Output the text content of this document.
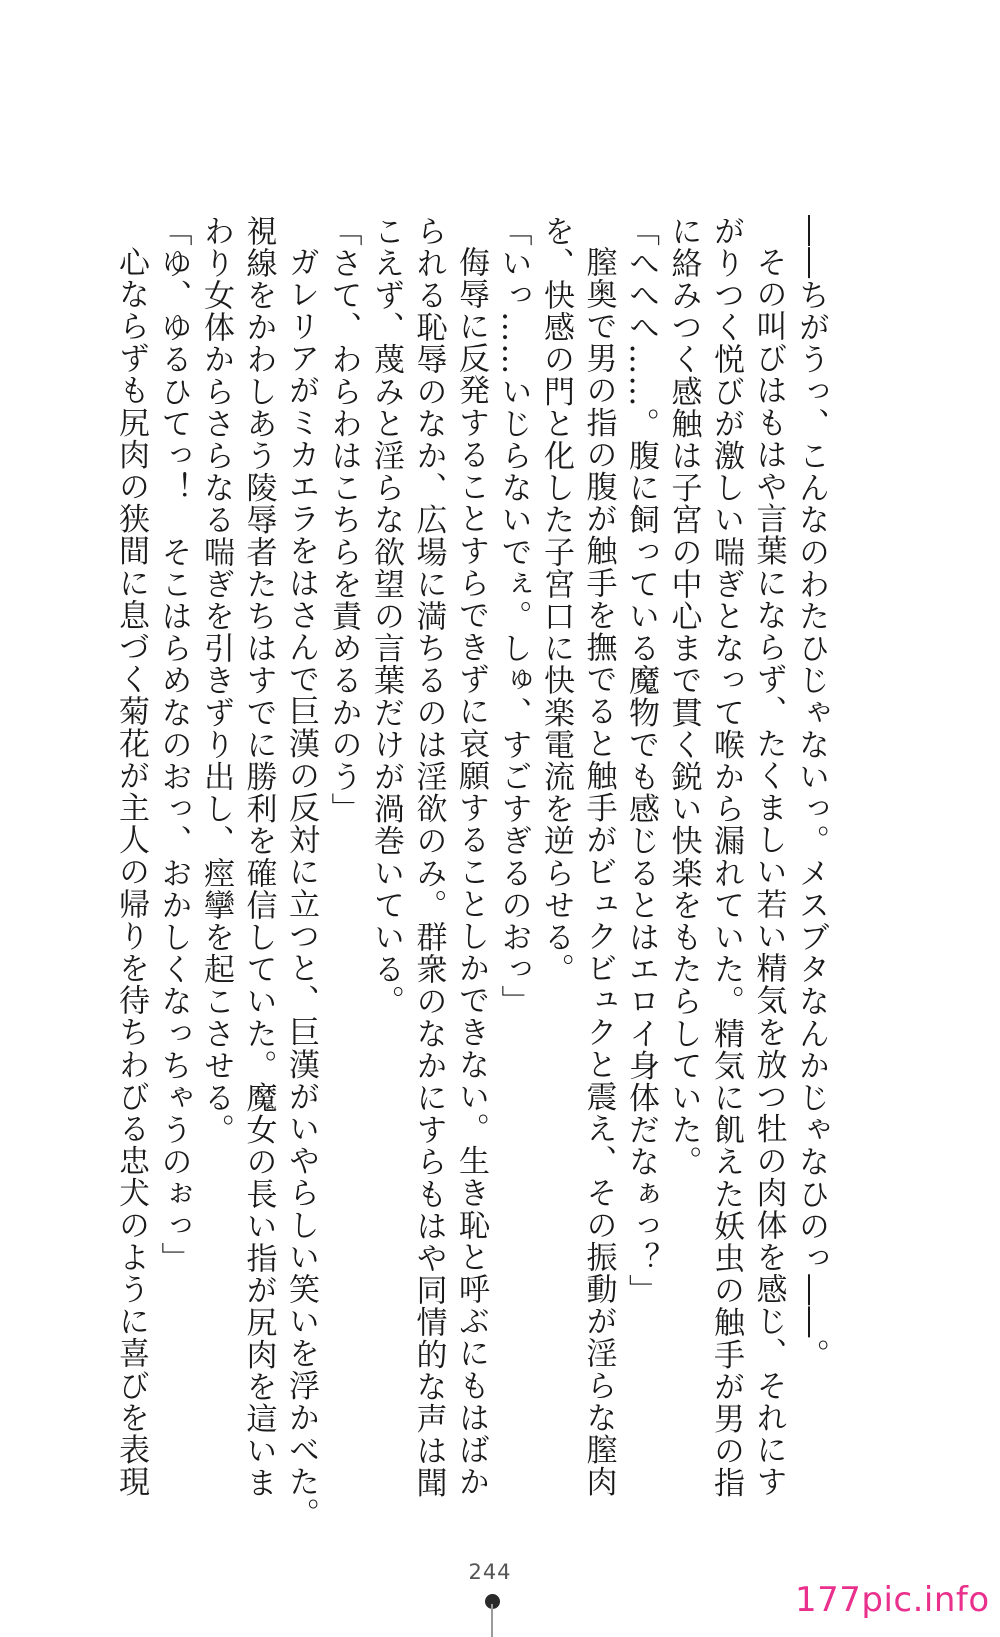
――ちがうっ、こんなのわたひじゃないっ。メスブタなんかじゃなひのっ――。

その叫びはもはや言葉にならず、たくましい若い精気を放つ牡の肉体を感じ、それにす

がりつく悦びが激しい喘ぎとなって喉から漏れていた。精気に飢えた妖虫の触手が男の指

に絡みつく感触は子宮の中心まで貫く鋭い快楽をもたらしていた。

「へへへ……。腹に飼っている魔物でも感じるとはエロイ身体だなぁっ？」

膣奥で男の指の腹が触手を撫でると触手がビュクビュクと震え、その振動が淫らな膣肉

を、快感の門と化した子宮口に快楽電流を逆らせる。

「いっ……いじらないでぇ。しゅ、すごすぎるのおっ」

侮辱に反発することすらできずに哀願することしかできない。生き恥と呼ぶにもはばか

られる恥辱のなか、広場に満ちるのは淫欲のみ。群衆のなかにすらもはや同情的な声は聞

こえず、蔑みと淫らな欲望の言葉だけが渦巻いている。

「さて、わらわはこちらを責めるかのう」

ガレリアがミカエラをはさんで巨漢の反対に立つと、巨漢がいやらしい笑いを浮かべた。

視線をかわしあう陵辱者たちはすでに勝利を確信していた。魔女の長い指が尻肉を這いま

わり女体からさらなる喘ぎを引きずり出し、痙攣を起こさせる。

「ゆ、ゆるひてっ！　そこはらめなのおっ、おかしくなっちゃうのぉっ」

心ならずも尻肉の狭間に息づく菊花が主人の帰りを待ちわびる忠犬のように喜びを表現

244
177pic.info
